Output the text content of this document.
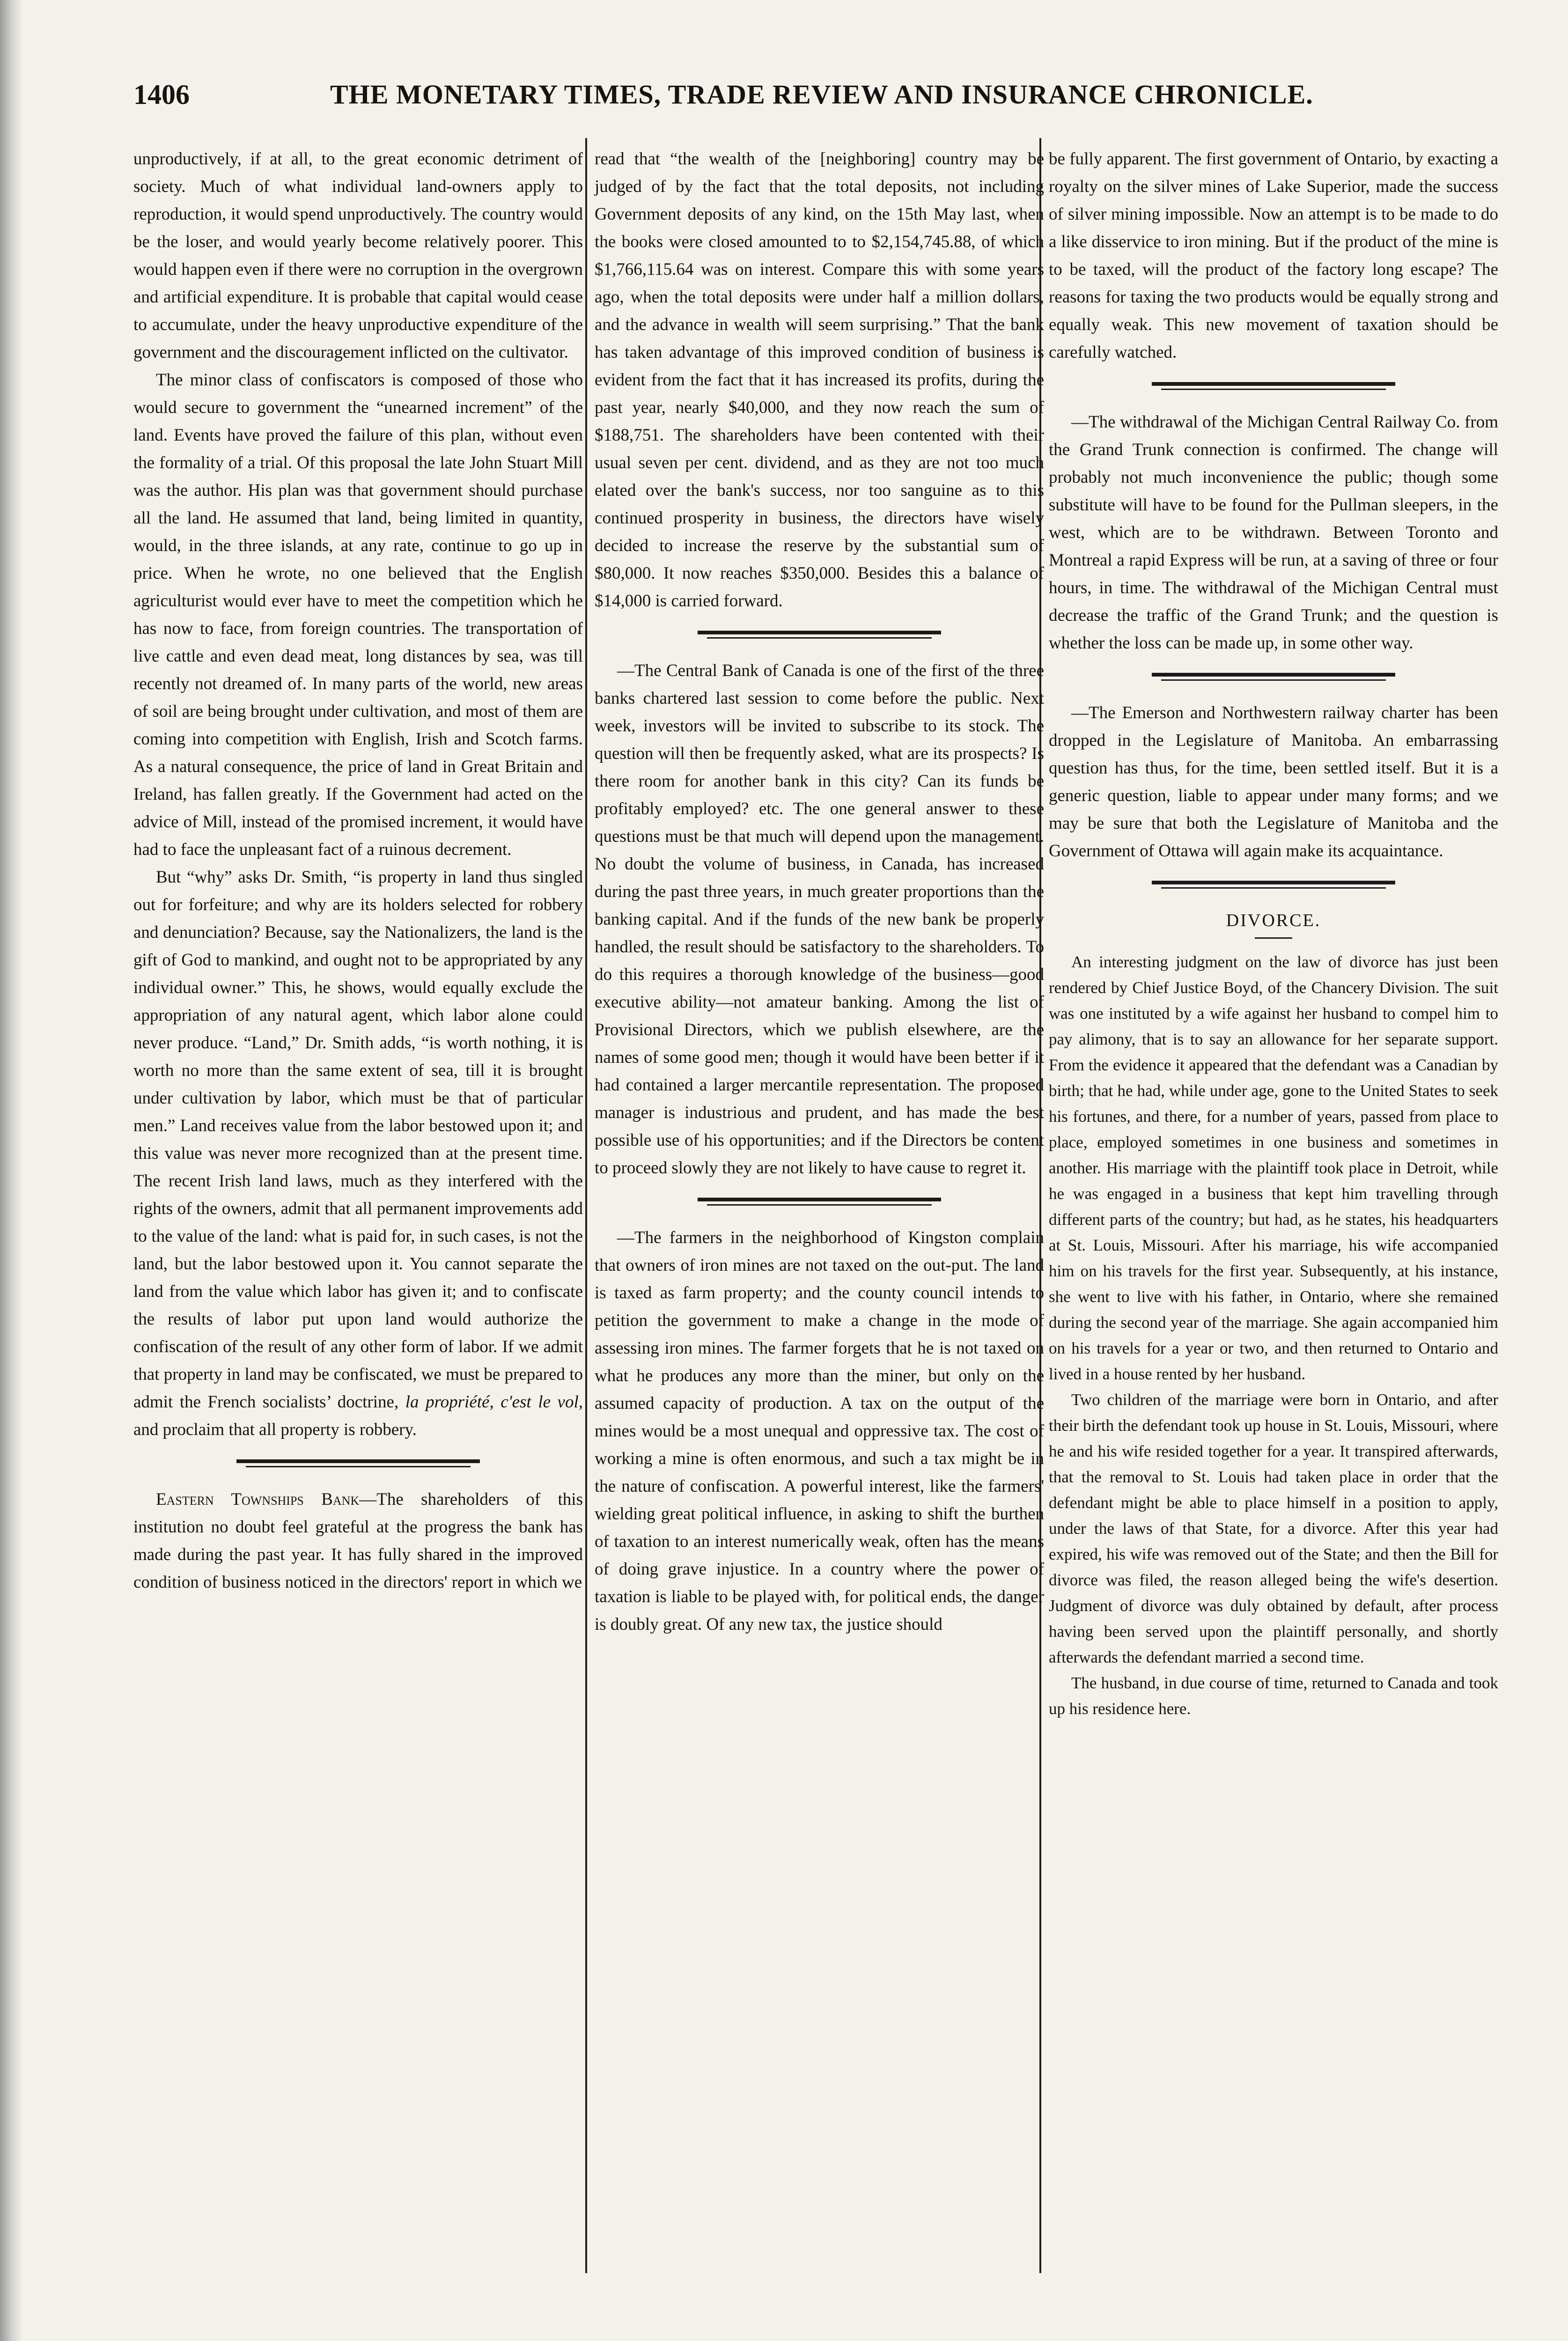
1406	THE MONETARY TIMES, TRADE REVIEW AND INSURANCE CHRONICLE.

unproductively, if at all, to the great economic detriment of society. Much of what individual land-owners apply to reproduction, it would spend unproductively. The country would be the loser, and would yearly become relatively poorer. This would happen even if there were no corruption in the overgrown and artificial expenditure. It is probable that capital would cease to accumulate, under the heavy unproductive expenditure of the government and the discouragement inflicted on the cultivator.

The minor class of confiscators is composed of those who would secure to government the “unearned increment” of the land. Events have proved the failure of this plan, without even the formality of a trial. Of this proposal the late John Stuart Mill was the author. His plan was that government should purchase all the land. He assumed that land, being limited in quantity, would, in the three islands, at any rate, continue to go up in price. When he wrote, no one believed that the English agriculturist would ever have to meet the competition which he has now to face, from foreign countries. The transportation of live cattle and even dead meat, long distances by sea, was till recently not dreamed of. In many parts of the world, new areas of soil are being brought under cultivation, and most of them are coming into competition with English, Irish and Scotch farms. As a natural consequence, the price of land in Great Britain and Ireland, has fallen greatly. If the Government had acted on the advice of Mill, instead of the promised increment, it would have had to face the unpleasant fact of a ruinous decrement.

But “why” asks Dr. Smith, “is property in land thus singled out for forfeiture; and why are its holders selected for robbery and denunciation? Because, say the Nationalizers, the land is the gift of God to mankind, and ought not to be appropriated by any individual owner.” This, he shows, would equally exclude the appropriation of any natural agent, which labor alone could never produce. “Land,” Dr. Smith adds, “is worth nothing, it is worth no more than the same extent of sea, till it is brought under cultivation by labor, which must be that of particular men.” Land receives value from the labor bestowed upon it; and this value was never more recognized than at the present time. The recent Irish land laws, much as they interfered with the rights of the owners, admit that all permanent improvements add to the value of the land: what is paid for, in such cases, is not the land, but the labor bestowed upon it. You cannot separate the land from the value which labor has given it; and to confiscate the results of labor put upon land would authorize the confiscation of the result of any other form of labor. If we admit that property in land may be confiscated, we must be prepared to admit the French socialists’ doctrine, la propriété, c'est le vol, and proclaim that all property is robbery.

Eastern Townships Bank—The shareholders of this institution no doubt feel grateful at the progress the bank has made during the past year. It has fully shared in the improved condition of business noticed in the directors' report in which we

read that “the wealth of the [neighboring] country may be judged of by the fact that the total deposits, not including Government deposits of any kind, on the 15th May last, when the books were closed amounted to to $2,154,745.88, of which $1,766,115.64 was on interest. Compare this with some years ago, when the total deposits were under half a million dollars, and the advance in wealth will seem surprising.” That the bank has taken advantage of this improved condition of business is evident from the fact that it has increased its profits, during the past year, nearly $40,000, and they now reach the sum of $188,751. The shareholders have been contented with their usual seven per cent. dividend, and as they are not too much elated over the bank's success, nor too sanguine as to this continued prosperity in business, the directors have wisely decided to increase the reserve by the substantial sum of $80,000. It now reaches $350,000. Besides this a balance of $14,000 is carried forward.

—The Central Bank of Canada is one of the first of the three banks chartered last session to come before the public. Next week, investors will be invited to subscribe to its stock. The question will then be frequently asked, what are its prospects? Is there room for another bank in this city? Can its funds be profitably employed? etc. The one general answer to these questions must be that much will depend upon the management. No doubt the volume of business, in Canada, has increased during the past three years, in much greater proportions than the banking capital. And if the funds of the new bank be properly handled, the result should be satisfactory to the shareholders. To do this requires a thorough knowledge of the business—good executive ability—not amateur banking. Among the list of Provisional Directors, which we publish elsewhere, are the names of some good men; though it would have been better if it had contained a larger mercantile representation. The proposed manager is industrious and prudent, and has made the best possible use of his opportunities; and if the Directors be content to proceed slowly they are not likely to have cause to regret it.

—The farmers in the neighborhood of Kingston complain that owners of iron mines are not taxed on the out-put. The land is taxed as farm property; and the county council intends to petition the government to make a change in the mode of assessing iron mines. The farmer forgets that he is not taxed on what he produces any more than the miner, but only on the assumed capacity of production. A tax on the output of the mines would be a most unequal and oppressive tax. The cost of working a mine is often enormous, and such a tax might be in the nature of confiscation. A powerful interest, like the farmers' wielding great political influence, in asking to shift the burthen of taxation to an interest numerically weak, often has the means of doing grave injustice. In a country where the power of taxation is liable to be played with, for political ends, the danger is doubly great. Of any new tax, the justice should

be fully apparent. The first government of Ontario, by exacting a royalty on the silver mines of Lake Superior, made the success of silver mining impossible. Now an attempt is to be made to do a like disservice to iron mining. But if the product of the mine is to be taxed, will the product of the factory long escape? The reasons for taxing the two products would be equally strong and equally weak. This new movement of taxation should be carefully watched.

—The withdrawal of the Michigan Central Railway Co. from the Grand Trunk connection is confirmed. The change will probably not much inconvenience the public; though some substitute will have to be found for the Pullman sleepers, in the west, which are to be withdrawn. Between Toronto and Montreal a rapid Express will be run, at a saving of three or four hours, in time. The withdrawal of the Michigan Central must decrease the traffic of the Grand Trunk; and the question is whether the loss can be made up, in some other way.

—The Emerson and Northwestern railway charter has been dropped in the Legislature of Manitoba. An embarrassing question has thus, for the time, been settled itself. But it is a generic question, liable to appear under many forms; and we may be sure that both the Legislature of Manitoba and the Government of Ottawa will again make its acquaintance.

DIVORCE.

An interesting judgment on the law of divorce has just been rendered by Chief Justice Boyd, of the Chancery Division. The suit was one instituted by a wife against her husband to compel him to pay alimony, that is to say an allowance for her separate support. From the evidence it appeared that the defendant was a Canadian by birth; that he had, while under age, gone to the United States to seek his fortunes, and there, for a number of years, passed from place to place, employed sometimes in one business and sometimes in another. His marriage with the plaintiff took place in Detroit, while he was engaged in a business that kept him travelling through different parts of the country; but had, as he states, his headquarters at St. Louis, Missouri. After his marriage, his wife accompanied him on his travels for the first year. Subsequently, at his instance, she went to live with his father, in Ontario, where she remained during the second year of the marriage. She again accompanied him on his travels for a year or two, and then returned to Ontario and lived in a house rented by her husband.

Two children of the marriage were born in Ontario, and after their birth the defendant took up house in St. Louis, Missouri, where he and his wife resided together for a year. It transpired afterwards, that the removal to St. Louis had taken place in order that the defendant might be able to place himself in a position to apply, under the laws of that State, for a divorce. After this year had expired, his wife was removed out of the State; and then the Bill for divorce was filed, the reason alleged being the wife's desertion. Judgment of divorce was duly obtained by default, after process having been served upon the plaintiff personally, and shortly afterwards the defendant married a second time.

The husband, in due course of time, returned to Canada and took up his residence here.
